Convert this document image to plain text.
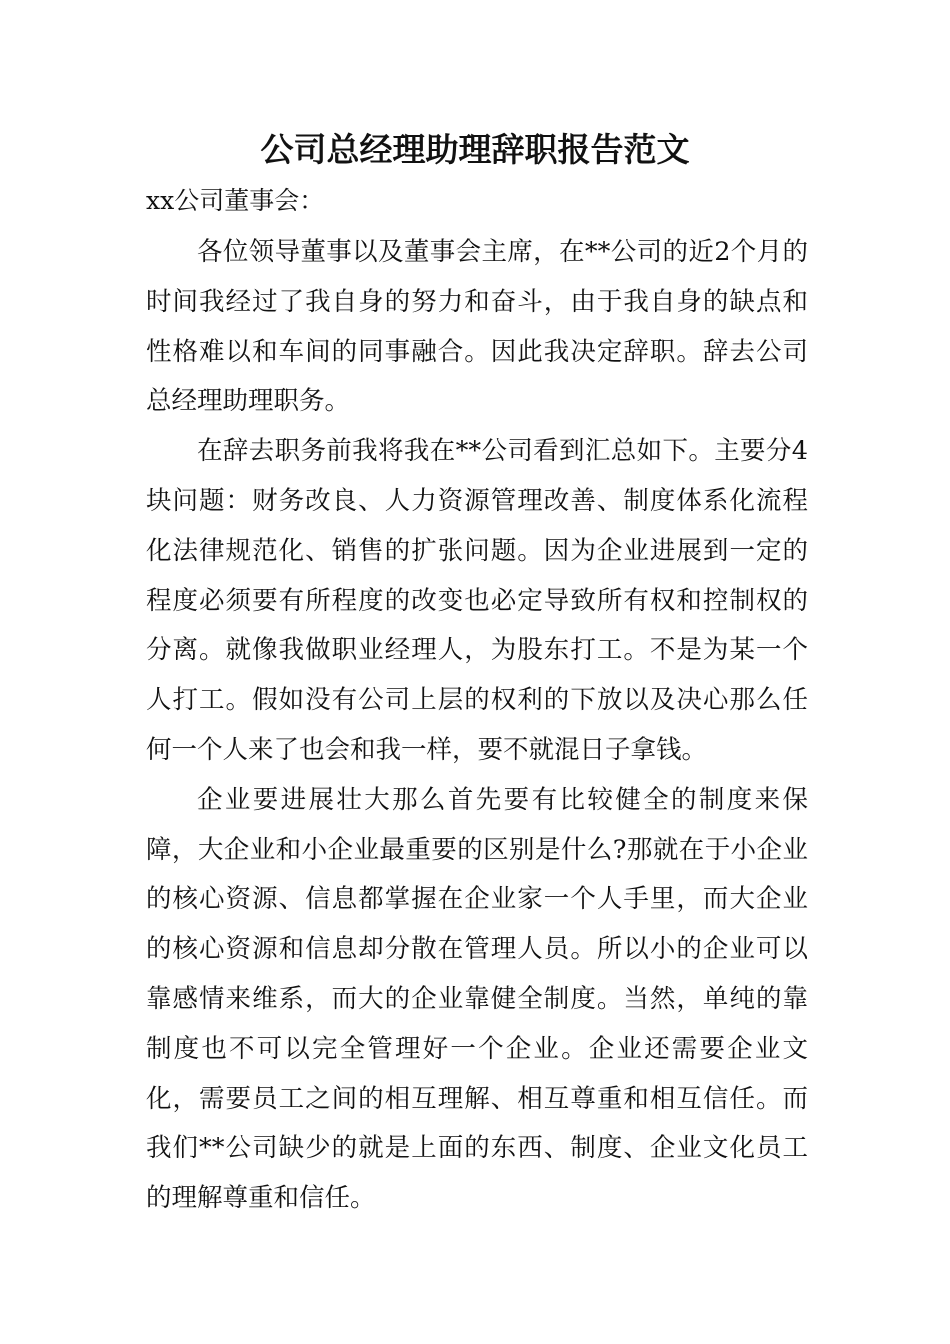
公司总经理助理辞职报告范文

xx公司董事会：

各位领导董事以及董事会主席，在**公司的近2个月的时间我经过了我自身的努力和奋斗，由于我自身的缺点和性格难以和车间的同事融合。因此我决定辞职。辞去公司总经理助理职务。

在辞去职务前我将我在**公司看到汇总如下。主要分4块问题：财务改良、人力资源管理改善、制度体系化流程化法律规范化、销售的扩张问题。因为企业进展到一定的程度必须要有所程度的改变也必定导致所有权和控制权的分离。就像我做职业经理人，为股东打工。不是为某一个人打工。假如没有公司上层的权利的下放以及决心那么任何一个人来了也会和我一样，要不就混日子拿钱。

企业要进展壮大那么首先要有比较健全的制度来保障，大企业和小企业最重要的区别是什么?那就在于小企业的核心资源、信息都掌握在企业家一个人手里，而大企业的核心资源和信息却分散在管理人员。所以小的企业可以靠感情来维系，而大的企业靠健全制度。当然，单纯的靠制度也不可以完全管理好一个企业。企业还需要企业文化，需要员工之间的相互理解、相互尊重和相互信任。而我们**公司缺少的就是上面的东西、制度、企业文化员工的理解尊重和信任。
